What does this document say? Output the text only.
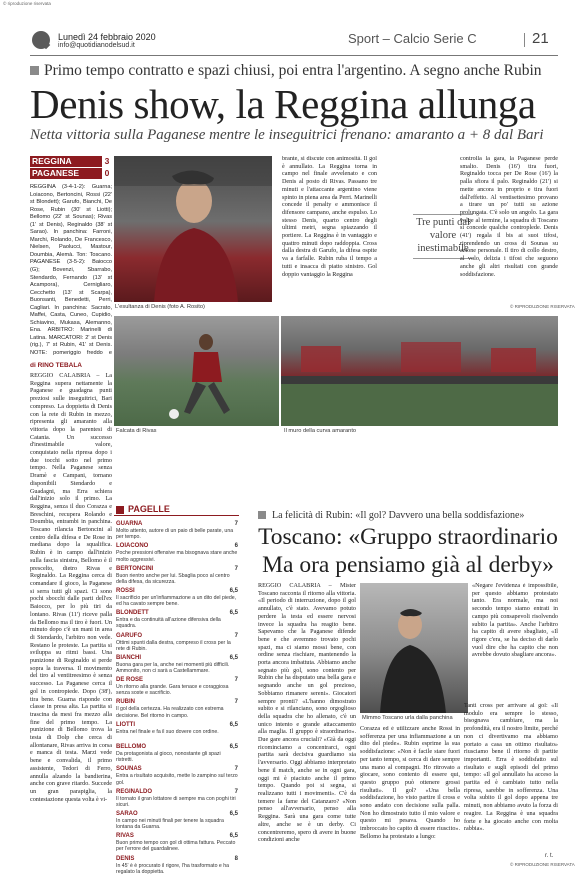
© riproduzione riservata
Lunedì 24 febbraio 2020
info@quotidianodelsud.it	Sport – Calcio Serie C	21
Primo tempo contratto e spazi chiusi, poi entra l'argentino. A segno anche Rubin
Denis show, la Reggina allunga
Netta vittoria sulla Paganese mentre le inseguitrici frenano: amaranto a + 8 dal Bari
REGGINA	3
PAGANESE	0
REGGINA (3-4-1-2): Guarna; Loiacono, Bertoncini, Rossi (22' st Blondett); Garufo, Bianchi, De Rose, Rubin (30' st Liotti); Bellomo (22' st Sounas); Rivas (1' st Denis), Reginaldo (38' st Sarao). In panchina: Farroni, Marchi, Rolando, De Francesco, Nielsen, Paolucci, Mastour, Doumbia, Alemà. Ton: Toscano. PAGANESE (3-5-2): Baiocco (G); Bovenzi, Sbarrabo, Stendardo, Fernando (13' st Acampora), Cernigliaro, Cecchetto (13' st Scarpa), Buonsanti, Benedetti, Perri, Cagliari. In panchina: Sacrato, Maffei, Casta, Cuneo, Cupidio, Schiavino, Mukasa, Alemanno, Ena. ARBITRO: Marinelli di Latina. MARCATORI: 2' st Denis (rig.), 7' st Rubin, 41' st Denis. NOTE: pomeriggio freddo e
L'esultanza di Denis (foto A. Rosito)
brante, si discute con animosità. Il gol è annullato. La Reggina torna in campo nel finale avvelenato e con Denis al posto di Rivas. Passano tre minuti e l'attaccante argentino viene spinto in piena area da Perri. Marinelli concede il penalty e ammonisce il difensore campano, anche espulso. Lo stesso Denis, quarto centro degli ultimi metri, segna spiazzando il portiere. La Reggina è in vantaggio e quattro minuti dopo raddoppia. Cross dalla destra di Garufo, la difesa ospite va a farfalle. Rubin ruba il tempo a tutti e insacca di piatto sinistro. Gol doppio vantaggio la Reggina
Tre punti dal valore inestimabile
controlla la gara, la Paganese perde smalto. Denis (16') tira fuori, Reginaldo tocca per De Rose (16') la palla sfiora il palo. Reginaldo (21') si mette ancora in proprio e tira fuori dall'effetto. Al ventisettesimo provano a tirare un po' tutti su azione prolungata. C'è solo un angolo. La gara volge al termine, la squadra di Toscano si concede qualche controplede. Denis (41') regala il bis ai suoi tifosi, riprendendo un cross di Sounas su azione personale. Il tiro di collo destro, al volo, delizia i tifosi che seguono anche gli altri risultati con grande soddisfazione.
© RIPRODUZIONE RISERVATA
Falcata di Rivas	Il muro della curva amaranto
di RINO TEBALA
REGGIO CALABRIA – La Reggina supera nettamente la Paganese e guadagna punti preziosi sulle inseguitrici, Bari compreso. La doppietta di Denis con la rete di Rubin in mezzo, ripresenta gli amaranto alla vittoria dopo la parentesi di Catania. Un successo d'inestimabile valore, conquistato nella ripresa dopo i due tocchi sotto nel primo tempo. Nella Paganese senza Dramè e Campani, tornano disponibili Stendardo e Guadagni, ma Erra schiera dall'inizio solo il primo. La Reggina, senza il duo Corazza e Breschini, recupera Rolando e Doumbia, entrambi in panchina. Toscano rilancia Bertoncini al centro della difesa e De Rose in mediana dopo la squalifica. Rubin è in campo dall'inizio sulla fascia sinistra, Bellomo è il prescelto, dietro Rivas e Reginaldo. La Reggina cerca di comandare il gioco, la Paganese si serra tutti gli spazi. Ci sono pochi sbocchi dalle parti dell'ex Baiocco, per lo più tiri da lontano. Rivas (11') riceve palla da Bellomo ma il tiro è fuori. Un minuto dopo c'è un mani in area di Stendardo, l'arbitro non vede. Restano le proteste. La partita si sviluppa su ritmi bassi. Una punizione di Reginaldo si perde sopra la traversa. Il movimento del tiro al ventitreesimo è senza successo. La Paganese cerca il gol in contropiede. Dopo (38'), tira bene. Guarna risponde con classe in presa alta. La partita si trascina da mesi fra mezzo alla fine del primo tempo. La punizione di Bellomo trova la testa di Dolp che cerca di allontanare, Rivas arriva in corsa e manca di testa. Marzi vede bene e convalida, il primo assistente, Tedori di Ferro, annulla alzando la bandierina, anche con grave ritardo. Succede un gran parapiglia, la contestazione questa volta è vi-
PAGELLE
GUARNA	7
Molto attento, autore di un paio di belle parate, una per tempo.
LOIACONO	6
Poche pressioni offensive ma bisognava stare anche molto aggressivi.
BERTONCINI	7
Buon rientro anche per lui. Sbaglia poco al centro della difesa, da sicurezza.
ROSSI	6,5
Il sacrificio per un'infiammazione a un dito del piede, ed ha cavato sempre bene.
BLONDETT	6,5
Entra e da continuità all'azione difensiva della squadra.
GARUFO	7
Ottimi spunti dalla destra, compreso il cross per la rete di Rubin.
BIANCHI	6,5
Buona gara per la, anche nei momenti più difficili. Ammonito, non ci sarà a Castellammare.
DE ROSE	7
Un ritorno alla grande. Gara tenace e coraggiosa senza soste e sacrificio.
RUBIN	7
Il gol della certezza. Ha realizzato con estrema decisione. Bel ritorno in campo.
LIOTTI	6,5
Entra nel finale e fa il suo dovere con ordine.
BELLOMO	6,5
Da protagonista al gioco, nonostante gli spazi ristretti.
SOUNAS	7
Entra a risultato acquisito, mette lo zampino sul terzo gol.
REGINALDO	7
Il tornato il gran lottatore di sempre ma con poghi tiri sicuri.
SARAO	6,5
In campo nei minuti finali per tenere la squadra lontana da Guarna.
RIVAS	6,5
Buon primo tempo con gol di ottima fattura. Peccato per l'errore del guardalinee.
DENIS	8
In 45' è è procurato il rigore, l'ha trasformato e ha regalato la doppietta.
La felicità di Rubin: «Il gol? Davvero una bella soddisfazione»
Toscano: «Gruppo straordinario
Ma ora pensiamo già al derby»
REGGIO CALABRIA – Mister Toscano racconta il ritorno alla vittoria. «Il periodo di interruzione, dopo il gol annullato, c'è stato. Avevamo potuto perdere la testa ed essere nervosi invece la squadra ha reagito bene. Sapevamo che la Paganese difende bene e che avremmo trovato pochi spazi, ma ci siamo mossi bene, con ordine senza rischiare, mantenendo la porta ancora imbattuta. Abbiamo anche segnato più gol, sono contento per Rubin che ha disputato una bella gara e segnando anche un gol prezioso, Sobbiamo rimanere sereni». Giocatori sempre pronti? «L'hanno dimostrato subito e si rilanciano, sono orgoglioso della squadra che ho allenato, c'è un unico intento e grande attaccamento alla maglia. Il gruppo è straordinario». Due gare ancora cruciali? «Già da oggi ricominciamo a concentrarci, ogni partita sarà decisiva guardiamo sia l'avversario. Oggi abbiamo interpretato bene il match, anche se in ogni gara, oggi mi è piaciuto anche il primo tempo. Quando poi si segna, si realizzano tutti i movimenti». C'è da temere la fame del Catanzaro? «Non penso all'avversario, penso alla Reggina. Sarà una gara come tutte altre, anche se è un derby. Ci concentreremo, spero di avere in buone condizioni anche
Mimmo Toscano urla dalla panchina
Corazza ed è utilizzare anche Rossi in sofferenza per una infiammazione a un dito del piede». Rubin esprime la sua soddisfazione: «Non è facile stare fuori per tanto tempo, si cerca di dare sempre una mano al compagni. Ho ritrovato a giocare, sono contento di essere qui, questo gruppo può ottenere grossi risultati». Il gol? «Una bella soddisfazione, ho visto partire il cross e sono andato con decisione sulla palla. Non ho dimostrato tutto il mio valore e questo mi pesava. Quando ho imbroccato ho capito di essere riuscito». Bellomo ha protestato a lungo:
«Negare l'evidenza è impossibile, per questo abbiamo protestato tanto. Era normale, ma noi secondo tempo siamo entrati in campo più consapevoli risolvendo subito la partita». Anche l'arbitro ha capito di avere sbagliato, «Il rigore c'era, se ha deciso di darlo vuol dire che ha capito che non avrebbe dovuto sbagliare ancora».
Tanti cross per arrivare al gol: «Il modulo era sempre lo stesso, bisognava cambiare, ma la profondità, era il nostro limite, perché non ci divertivamo ma abbiamo portato a casa un ottimo risultato» riusciamo bene il ritorno di partite importanti. Erra è soddisfatto sul risultato e sugli episodi del primo tempo: «Il gol annullato ha acceso la partita ed è cambiato tutto nella ripresa, sarebbe in sofferenza. Una volta subito il gol dopo appena tre minuti, non abbiamo avuto la forza di reagire. La Reggina è una squadra forte e ha giocato anche con molta rabbia».
r. t.
© RIPRODUZIONE RISERVATA
